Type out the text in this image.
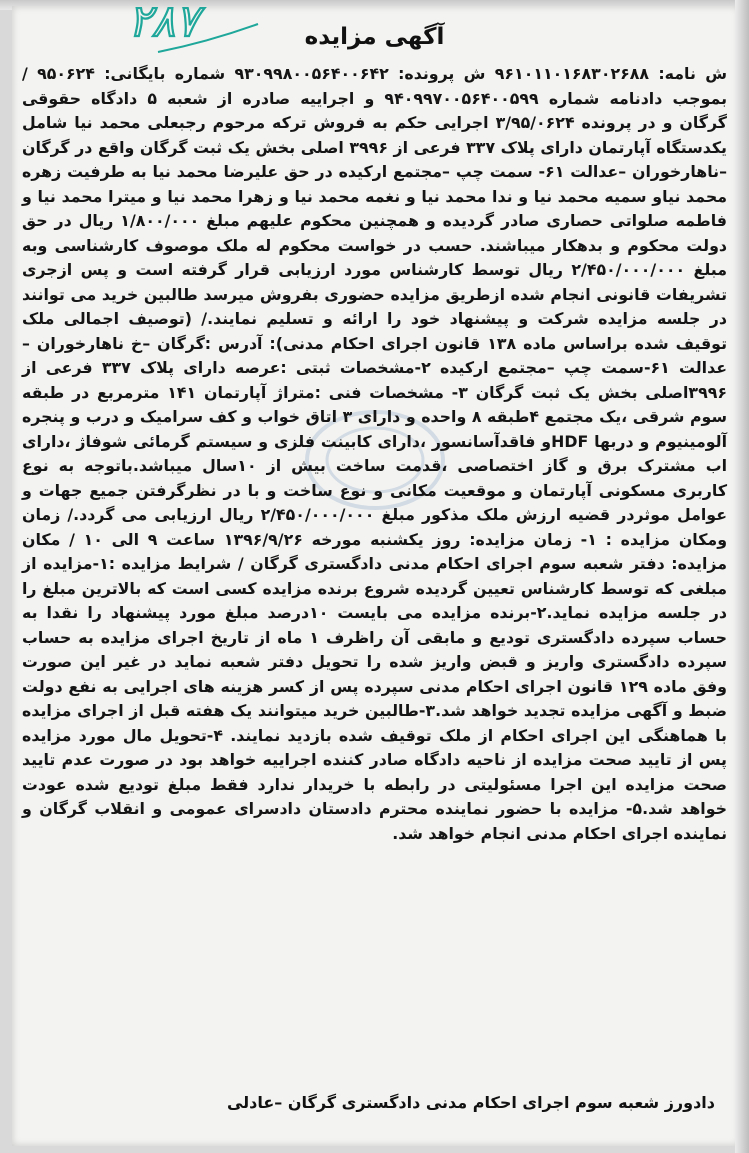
۲۸۷	آگهی مزایده
ش نامه: ۹۶۱۰۱۱۰۱۶۸۳۰۲۶۸۸ ش پرونده: ۹۳۰۹۹۸۰۰۵۶۴۰۰۶۴۲ شماره بایگانی: ۹۵۰۶۲۴ / بموجب دادنامه شماره ۹۴۰۹۹۷۰۰۵۶۴۰۰۵۹۹ و اجراییه صادره از شعبه ۵ دادگاه حقوقی گرگان و در پرونده ۳/۹۵/۰۶۲۴ اجرایی حکم به فروش ترکه مرحوم رجبعلی محمد نیا شامل یکدستگاه آپارتمان دارای پلاک ۳۳۷ فرعی از ۳۹۹۶ اصلی بخش یک ثبت گرگان واقع در گرگان –ناهارخوران –عدالت ۶۱- سمت چپ –مجتمع ارکیده در حق علیرضا محمد نیا به طرفیت زهره محمد نیاو سمیه محمد نیا و ندا محمد نیا و نغمه محمد نیا و زهرا محمد نیا و میترا محمد نیا و فاطمه صلواتی حصاری صادر گردیده و همچنین محکوم علیهم مبلغ ۱/۸۰۰/۰۰۰ ریال در حق دولت محکوم و بدهکار میباشند. حسب در خواست محکوم له ملک موصوف کارشناسی وبه مبلغ ۲/۴۵۰/۰۰۰/۰۰۰ ریال توسط کارشناس مورد ارزیابی قرار گرفته است و پس ازجری تشریفات قانونی انجام شده ازطریق مزایده حضوری بفروش میرسد طالبین خرید می توانند در جلسه مزایده شرکت و پیشنهاد خود را ارائه و تسلیم نمایند./ (توصیف اجمالی ملک توقیف شده براساس ماده ۱۳۸ قانون اجرای احکام مدنی): آدرس :گرگان –خ ناهارخوران –عدالت ۶۱-سمت چپ –مجتمع ارکیده ۲-مشخصات ثبتی :عرصه دارای پلاک ۳۳۷ فرعی از ۳۹۹۶اصلی بخش یک ثبت گرگان ۳- مشخصات فنی :متراژ آپارتمان ۱۴۱ مترمربع در طبقه سوم شرقی ،یک مجتمع ۴طبقه ۸ واحده و دارای ۳ اتاق خواب و کف سرامیک و درب و پنجره آلومینیوم و دربها HDFو فاقدآسانسور ،دارای کابینت فلزی و سیستم گرمائی شوفاژ ،دارای اب مشترک برق و گاز اختصاصی ،قدمت ساخت بیش از ۱۰سال میباشد.باتوجه به نوع کاربری مسکونی آپارتمان و موقعیت مکانی و نوع ساخت و با در نظرگرفتن جمیع جهات و عوامل موثردر قضیه ارزش ملک مذکور مبلغ ۲/۴۵۰/۰۰۰/۰۰۰ ریال ارزیابی می گردد./ زمان ومکان مزایده : ۱- زمان مزایده: روز یکشنبه مورخه ۱۳۹۶/۹/۲۶ ساعت ۹ الی ۱۰ / مکان مزایده: دفتر شعبه سوم اجرای احکام مدنی دادگستری گرگان / شرایط مزایده :۱-مزایده از مبلغی که توسط کارشناس تعیین گردیده شروع برنده مزایده کسی است که بالاترین مبلغ را در جلسه مزایده نماید.۲-برنده مزایده می بایست ۱۰درصد مبلغ مورد پیشنهاد را نقدا به حساب سپرده دادگستری تودیع و مابقی آن راظرف ۱ ماه از تاریخ اجرای مزایده به حساب سپرده دادگستری واریز و قبض واریز شده را تحویل دفتر شعبه نماید در غیر این صورت وفق ماده ۱۲۹ قانون اجرای احکام مدنی سپرده پس از کسر هزینه های اجرایی به نفع دولت ضبط و آگهی مزایده تجدید خواهد شد.۳-طالبین خرید میتوانند یک هفته قبل از اجرای مزایده با هماهنگی این اجرای احکام از ملک توقیف شده بازدید نمایند. ۴-تحویل مال مورد مزایده پس از تایید صحت مزایده از ناحیه دادگاه صادر کننده اجراییه خواهد بود در صورت عدم تایید صحت مزایده این اجرا مسئولیتی در رابطه با خریدار ندارد فقط مبلغ تودیع شده عودت خواهد شد.۵- مزایده با حضور نماینده محترم دادستان دادسرای عمومی و انقلاب گرگان و نماینده اجرای احکام مدنی انجام خواهد شد.
دادورز شعبه سوم اجرای احکام مدنی دادگستری گرگان –عادلی
